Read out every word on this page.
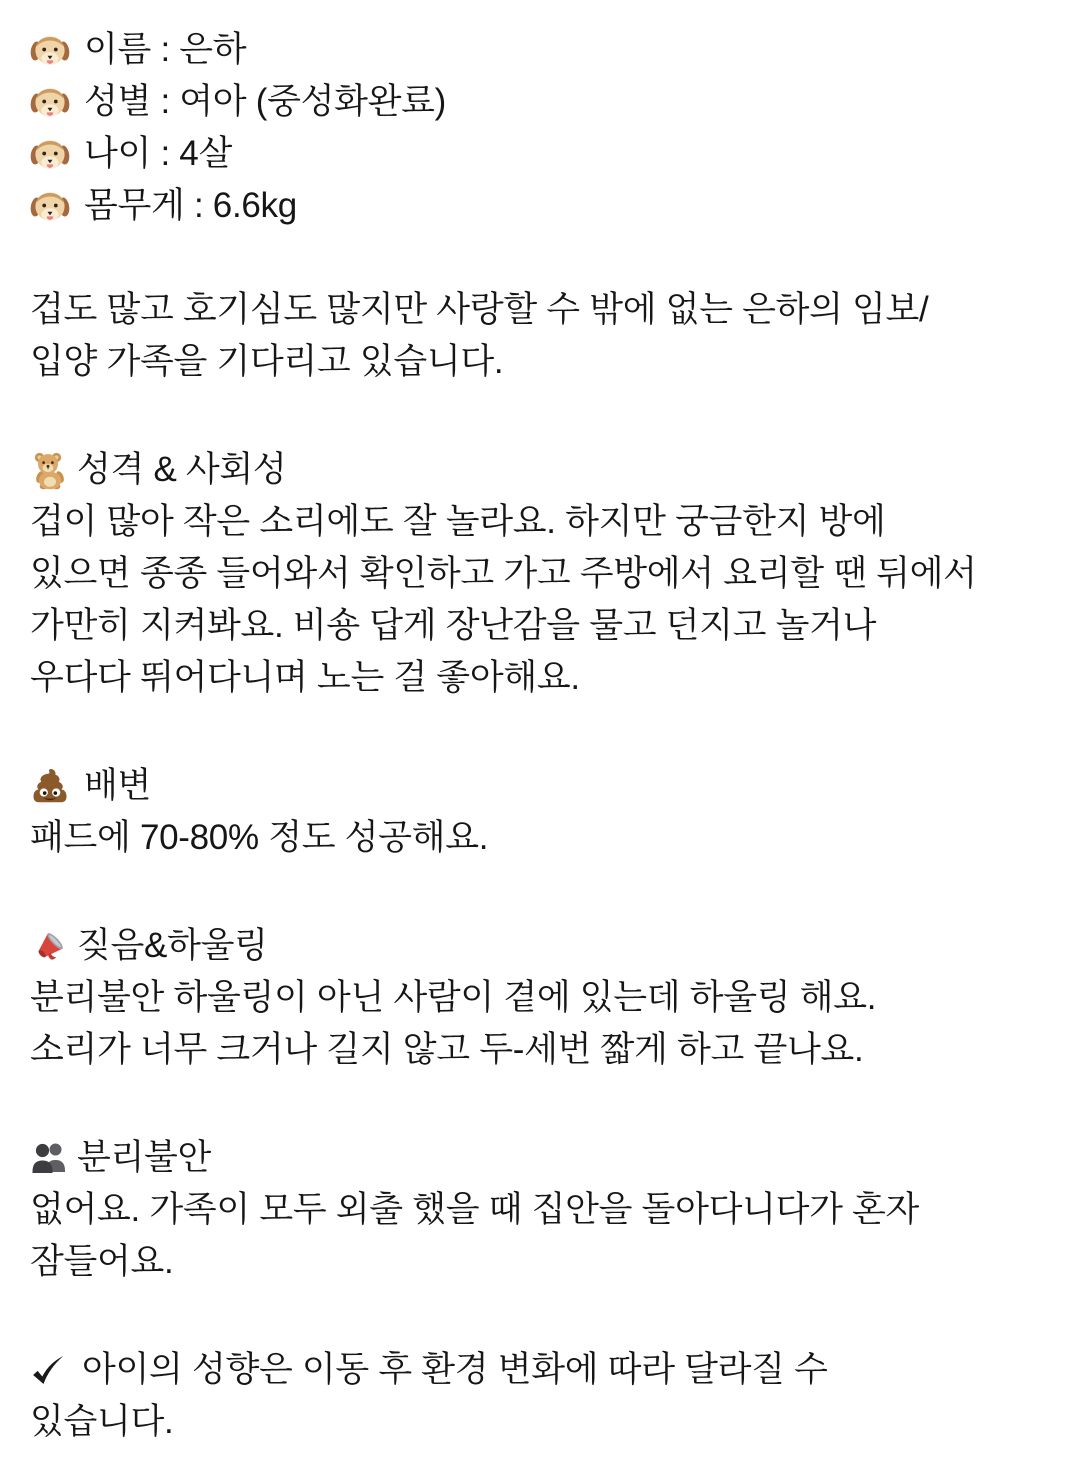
이름 : 은하
성별 : 여아 (중성화완료)
나이 : 4살
몸무게 : 6.6kg
겁도 많고 호기심도 많지만 사랑할 수 밖에 없는 은하의 임보/
입양 가족을 기다리고 있습니다.
성격 & 사회성
겁이 많아 작은 소리에도 잘 놀라요. 하지만 궁금한지 방에
있으면 종종 들어와서 확인하고 가고 주방에서 요리할 땐 뒤에서
가만히 지켜봐요. 비숑 답게 장난감을 물고 던지고 놀거나
우다다 뛰어다니며 노는 걸 좋아해요.
배변
패드에 70-80% 정도 성공해요.
짖음&하울링
분리불안 하울링이 아닌 사람이 곁에 있는데 하울링 해요.
소리가 너무 크거나 길지 않고 두-세번 짧게 하고 끝나요.
분리불안
없어요. 가족이 모두 외출 했을 때 집안을 돌아다니다가 혼자
잠들어요.
아이의 성향은 이동 후 환경 변화에 따라 달라질 수
있습니다.
